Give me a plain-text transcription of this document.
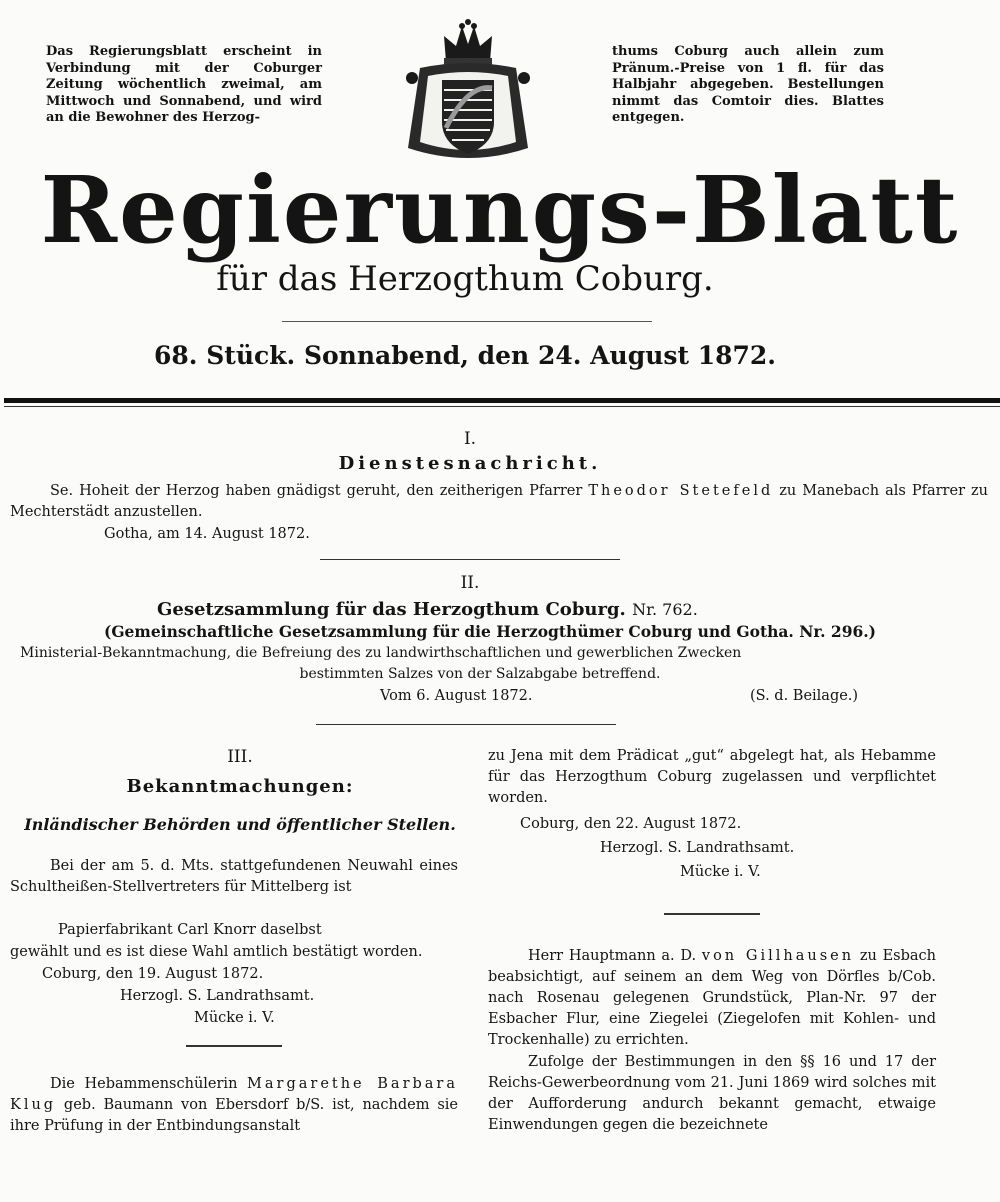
Das Regierungsblatt erscheint in Verbindung mit der Coburger Zeitung wöchentlich zweimal, am Mittwoch und Sonnabend, und wird an die Bewohner des Herzog-
thums Coburg auch allein zum Pränum.-Preise von 1 fl. für das Halbjahr abgegeben. Bestellungen nimmt das Comtoir dies. Blattes entgegen.
Regierungs-Blatt
für das Herzogthum Coburg.
68. Stück. Sonnabend, den 24. August 1872.
I.
Dienstesnachricht.
Se. Hoheit der Herzog haben gnädigst geruht, den zeitherigen Pfarrer Theodor Stetefeld zu Manebach als Pfarrer zu Mechterstädt anzustellen.
Gotha, am 14. August 1872.
II.
Gesetzsammlung für das Herzogthum Coburg. Nr. 762.
(Gemeinschaftliche Gesetzsammlung für die Herzogthümer Coburg und Gotha. Nr. 296.)
Ministerial-Bekanntmachung, die Befreiung des zu landwirthschaftlichen und gewerblichen Zwecken
bestimmten Salzes von der Salzabgabe betreffend.
Vom 6. August 1872.	(S. d. Beilage.)
III.
Bekanntmachungen:
Inländischer Behörden und öffentlicher Stellen.
Bei der am 5. d. Mts. stattgefundenen Neuwahl eines Schultheißen-Stellvertreters für Mittelberg ist
Papierfabrikant Carl Knorr daselbst
gewählt und es ist diese Wahl amtlich bestätigt worden.
Coburg, den 19. August 1872.
Herzogl. S. Landrathsamt.
Mücke i. V.
Die Hebammenschülerin Margarethe Barbara Klug geb. Baumann von Ebersdorf b/S. ist, nachdem sie ihre Prüfung in der Entbindungsanstalt
zu Jena mit dem Prädicat „gut“ abgelegt hat, als Hebamme für das Herzogthum Coburg zugelassen und verpflichtet worden.
Coburg, den 22. August 1872.
Herzogl. S. Landrathsamt.
Mücke i. V.
Herr Hauptmann a. D. von Gillhausen zu Esbach beabsichtigt, auf seinem an dem Weg von Dörfles b/Cob. nach Rosenau gelegenen Grundstück, Plan-Nr. 97 der Esbacher Flur, eine Ziegelei (Ziegelofen mit Kohlen- und Trockenhalle) zu errichten.
Zufolge der Bestimmungen in den §§ 16 und 17 der Reichs-Gewerbeordnung vom 21. Juni 1869 wird solches mit der Aufforderung andurch bekannt gemacht, etwaige Einwendungen gegen die bezeichnete
